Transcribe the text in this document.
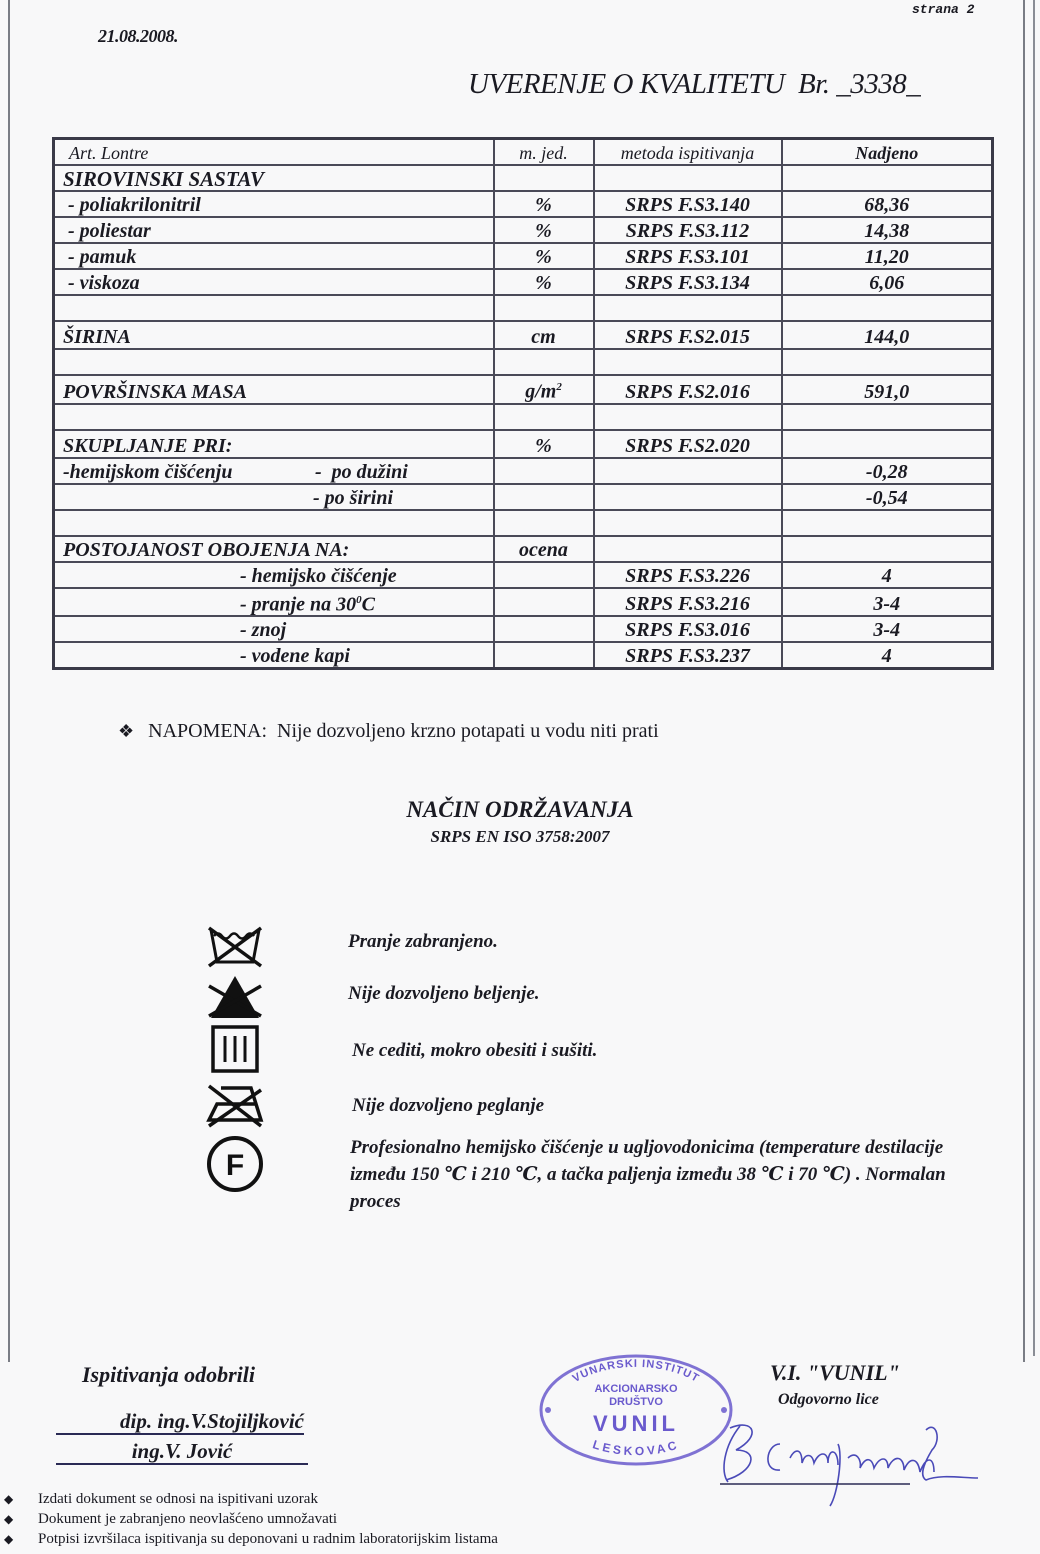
strana 2
21.08.2008.
UVERENJE O KVALITETU  Br. _3338_
Art. Lontre	m. jed.	metoda ispitivanja	Nadjeno
SIROVINSKI SASTAV			
- poliakrilonitril	%	SRPS F.S3.140	68,36
- poliestar	%	SRPS F.S3.112	14,38
- pamuk	%	SRPS F.S3.101	11,20
- viskoza	%	SRPS F.S3.134	6,06

ŠIRINA	cm	SRPS F.S2.015	144,0

POVRŠINSKA MASA	$g/m^2$	SRPS F.S2.016	591,0

SKUPLJANJE PRI:	%	SRPS F.S2.020	
-hemijskom čišćenju -  po dužini			-0,28
- po širini			-0,54

POSTOJANOST OBOJENJA NA:	ocena		
- hemijsko čišćenje		SRPS F.S3.226	4
- pranje na $30^0C$		SRPS F.S3.216	3-4
- znoj		SRPS F.S3.016	3-4
- vodene kapi		SRPS F.S3.237	4
❖ NAPOMENA:  Nije dozvoljeno krzno potapati u vodu niti prati
NAČIN ODRŽAVANJA
SRPS EN ISO 3758:2007
F
Pranje zabranjeno.
Nije dozvoljeno beljenje.
Ne cediti, mokro obesiti i sušiti.
Nije dozvoljeno peglanje
Profesionalno hemijsko čišćenje u ugljovodonicima (temperature destilacije između 150 ℃ i 210 ℃, a tačka paljenja između 38 ℃ i 70 ℃) . Normalan proces
Ispitivanja odobrili
dip. ing.V.Stojiljković
ing.V. Jović
VUNARSKI INSTITUT
AKCIONARSKO
DRUŠTVO
VUNIL
LESKOVAC
V.I. "VUNIL"
Odgovorno lice
◆ Izdati dokument se odnosi na ispitivani uzorak
◆ Dokument je zabranjeno neovlašćeno umnožavati
◆ Potpisi izvršilaca ispitivanja su deponovani u radnim laboratorijskim listama
